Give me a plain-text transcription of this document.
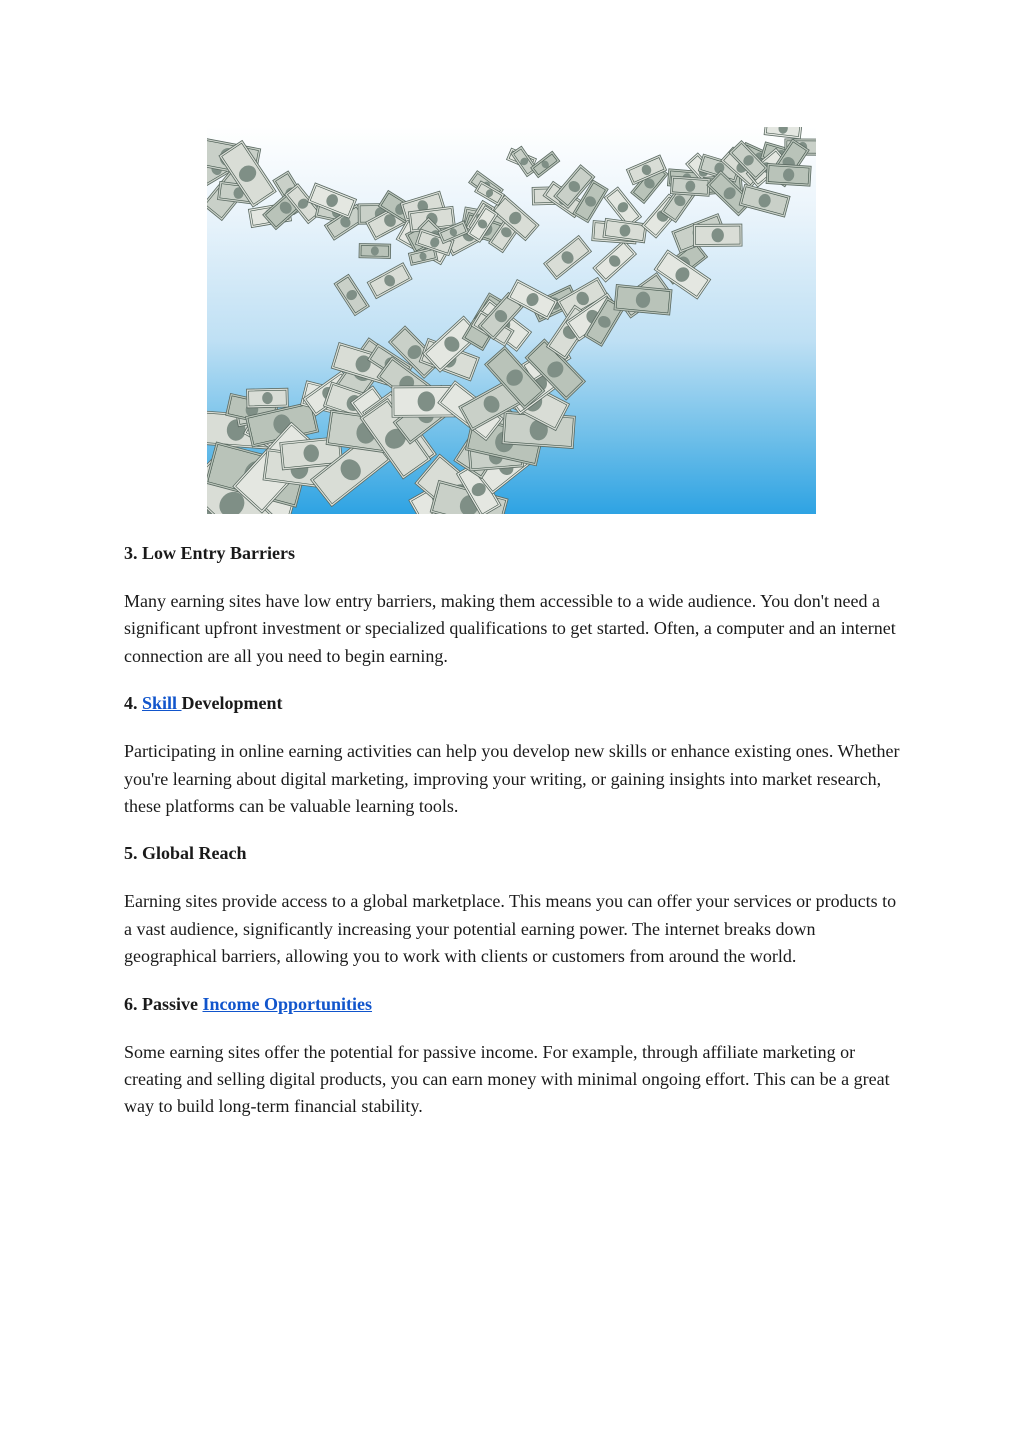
3. Low Entry Barriers

Many earning sites have low entry barriers, making them accessible to a wide audience. You don't need a significant upfront investment or specialized qualifications to get started. Often, a computer and an internet connection are all you need to begin earning.

4. Skill Development

Participating in online earning activities can help you develop new skills or enhance existing ones. Whether you're learning about digital marketing, improving your writing, or gaining insights into market research, these platforms can be valuable learning tools.

5. Global Reach

Earning sites provide access to a global marketplace. This means you can offer your services or products to a vast audience, significantly increasing your potential earning power. The internet breaks down geographical barriers, allowing you to work with clients or customers from around the world.

6. Passive Income Opportunities

Some earning sites offer the potential for passive income. For example, through affiliate marketing or creating and selling digital products, you can earn money with minimal ongoing effort. This can be a great way to build long-term financial stability.
